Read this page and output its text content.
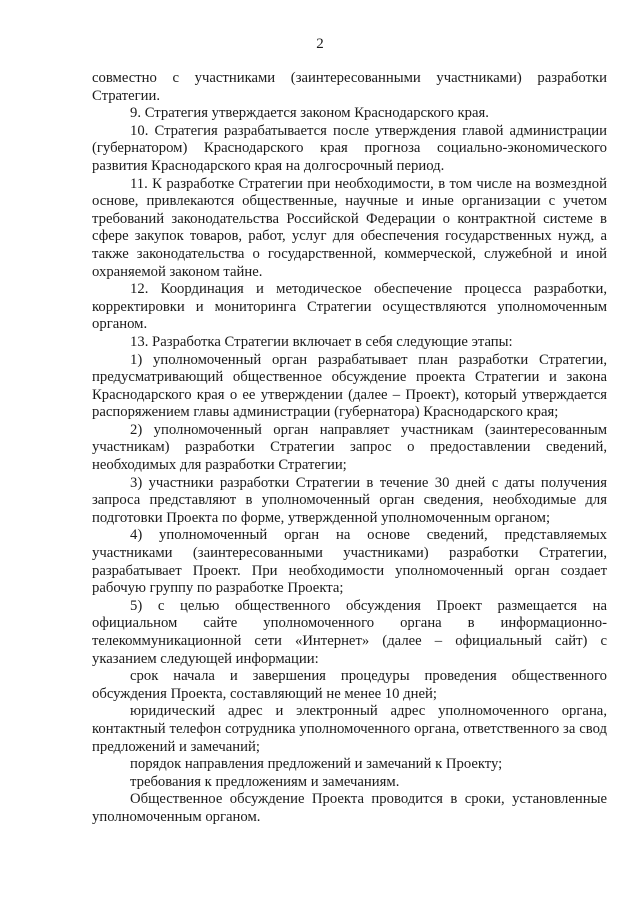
2

совместно с участниками (заинтересованными участниками) разработки Стратегии.

9. Стратегия утверждается законом Краснодарского края.

10. Стратегия разрабатывается после утверждения главой администрации (губернатором) Краснодарского края прогноза социально-экономического развития Краснодарского края на долгосрочный период.

11. К разработке Стратегии при необходимости, в том числе на возмездной основе, привлекаются общественные, научные и иные организации с учетом требований законодательства Российской Федерации о контрактной системе в сфере закупок товаров, работ, услуг для обеспечения государственных нужд, а также законодательства о государственной, коммерческой, служебной и иной охраняемой законом тайне.

12. Координация и методическое обеспечение процесса разработки, корректировки и мониторинга Стратегии осуществляются уполномоченным органом.

13. Разработка Стратегии включает в себя следующие этапы:

1) уполномоченный орган разрабатывает план разработки Стратегии, предусматривающий общественное обсуждение проекта Стратегии и закона Краснодарского края о ее утверждении (далее – Проект), который утверждается распоряжением главы администрации (губернатора) Краснодарского края;

2) уполномоченный орган направляет участникам (заинтересованным участникам) разработки Стратегии запрос о предоставлении сведений, необходимых для разработки Стратегии;

3) участники разработки Стратегии в течение 30 дней с даты получения запроса представляют в уполномоченный орган сведения, необходимые для подготовки Проекта по форме, утвержденной уполномоченным органом;

4) уполномоченный орган на основе сведений, представляемых участниками (заинтересованными участниками) разработки Стратегии, разрабатывает Проект. При необходимости уполномоченный орган создает рабочую группу по разработке Проекта;

5) с целью общественного обсуждения Проект размещается на официальном сайте уполномоченного органа в информационно-телекоммуникационной сети «Интернет» (далее – официальный сайт) с указанием следующей информации:

срок начала и завершения процедуры проведения общественного обсуждения Проекта, составляющий не менее 10 дней;

юридический адрес и электронный адрес уполномоченного органа, контактный телефон сотрудника уполномоченного органа, ответственного за свод предложений и замечаний;

порядок направления предложений и замечаний к Проекту;

требования к предложениям и замечаниям.

Общественное обсуждение Проекта проводится в сроки, установленные уполномоченным органом.
